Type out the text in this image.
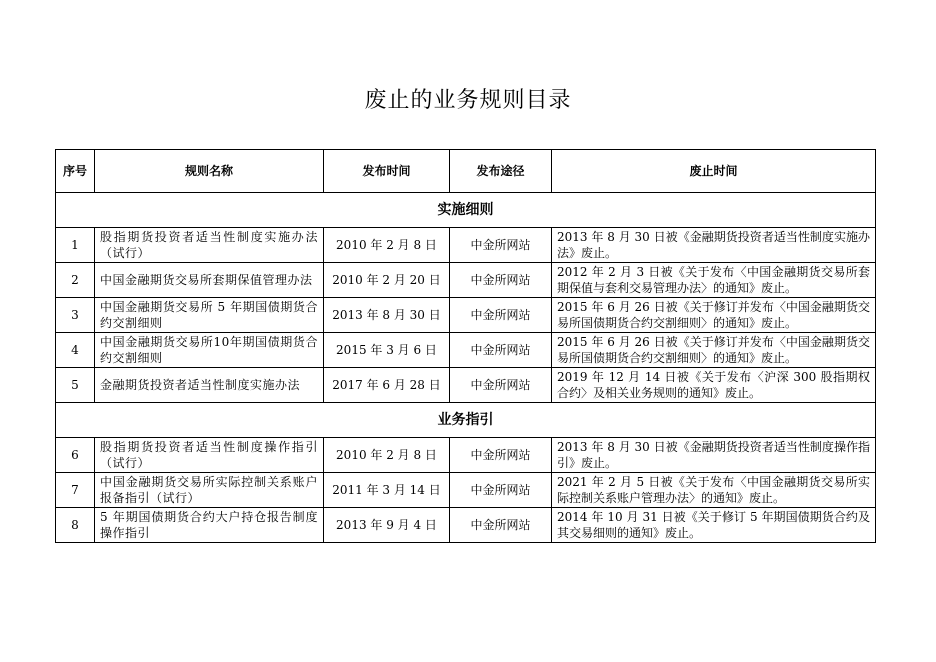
废止的业务规则目录
序号	规则名称	发布时间	发布途径	废止时间
实施细则				
1	股指期货投资者适当性制度实施办法（试行）	2010 年 2 月 8 日	中金所网站	2013 年 8 月 30 日被《金融期货投资者适当性制度实施办法》废止。
2	中国金融期货交易所套期保值管理办法	2010 年 2 月 20 日	中金所网站	2012 年 2 月 3 日被《关于发布〈中国金融期货交易所套期保值与套利交易管理办法〉的通知》废止。
3	中国金融期货交易所 5 年期国债期货合约交割细则	2013 年 8 月 30 日	中金所网站	2015 年 6 月 26 日被《关于修订并发布〈中国金融期货交易所国债期货合约交割细则〉的通知》废止。
4	中国金融期货交易所10年期国债期货合约交割细则	2015 年 3 月 6 日	中金所网站	2015 年 6 月 26 日被《关于修订并发布〈中国金融期货交易所国债期货合约交割细则〉的通知》废止。
5	金融期货投资者适当性制度实施办法	2017 年 6 月 28 日	中金所网站	2019 年 12 月 14 日被《关于发布〈沪深 300 股指期权合约〉及相关业务规则的通知》废止。
业务指引				
6	股指期货投资者适当性制度操作指引（试行）	2010 年 2 月 8 日	中金所网站	2013 年 8 月 30 日被《金融期货投资者适当性制度操作指引》废止。
7	中国金融期货交易所实际控制关系账户报备指引（试行）	2011 年 3 月 14 日	中金所网站	2021 年 2 月 5 日被《关于发布〈中国金融期货交易所实际控制关系账户管理办法〉的通知》废止。
8	5 年期国债期货合约大户持仓报告制度操作指引	2013 年 9 月 4 日	中金所网站	2014 年 10 月 31 日被《关于修订 5 年期国债期货合约及其交易细则的通知》废止。
